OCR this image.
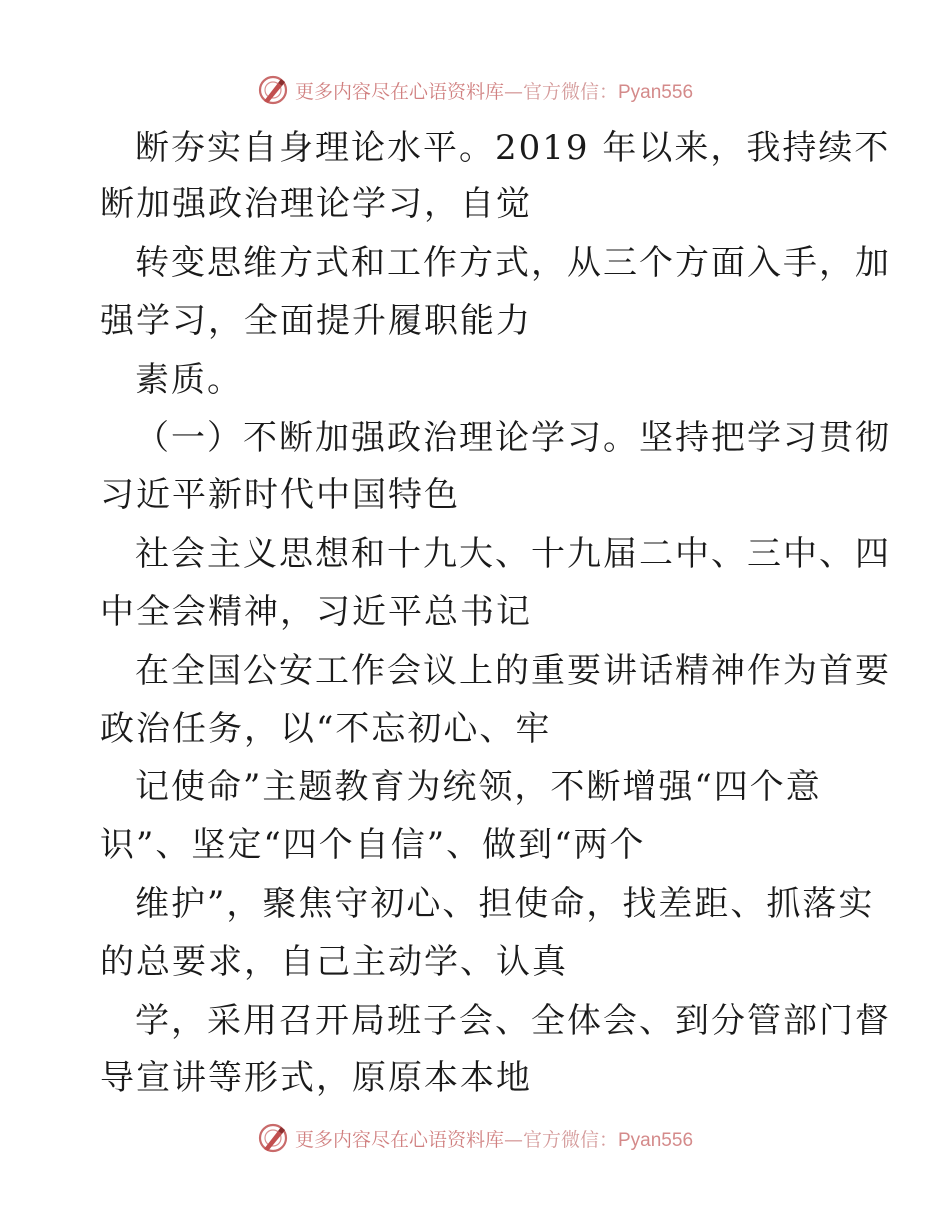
更多内容尽在心语资料库—官方微信：Pyan556
断夯实自身理论水平。2019 年以来，我持续不
断加强政治理论学习，自觉
转变思维方式和工作方式，从三个方面入手，加
强学习，全面提升履职能力
素质。
（一）不断加强政治理论学习。坚持把学习贯彻
习近平新时代中国特色
社会主义思想和十九大、十九届二中、三中、四
中全会精神，习近平总书记
在全国公安工作会议上的重要讲话精神作为首要
政治任务，以“不忘初心、牢
记使命”主题教育为统领，不断增强“四个意
识”、坚定“四个自信”、做到“两个
维护”，聚焦守初心、担使命，找差距、抓落实
的总要求，自己主动学、认真
学，采用召开局班子会、全体会、到分管部门督
导宣讲等形式，原原本本地
更多内容尽在心语资料库—官方微信：Pyan556
